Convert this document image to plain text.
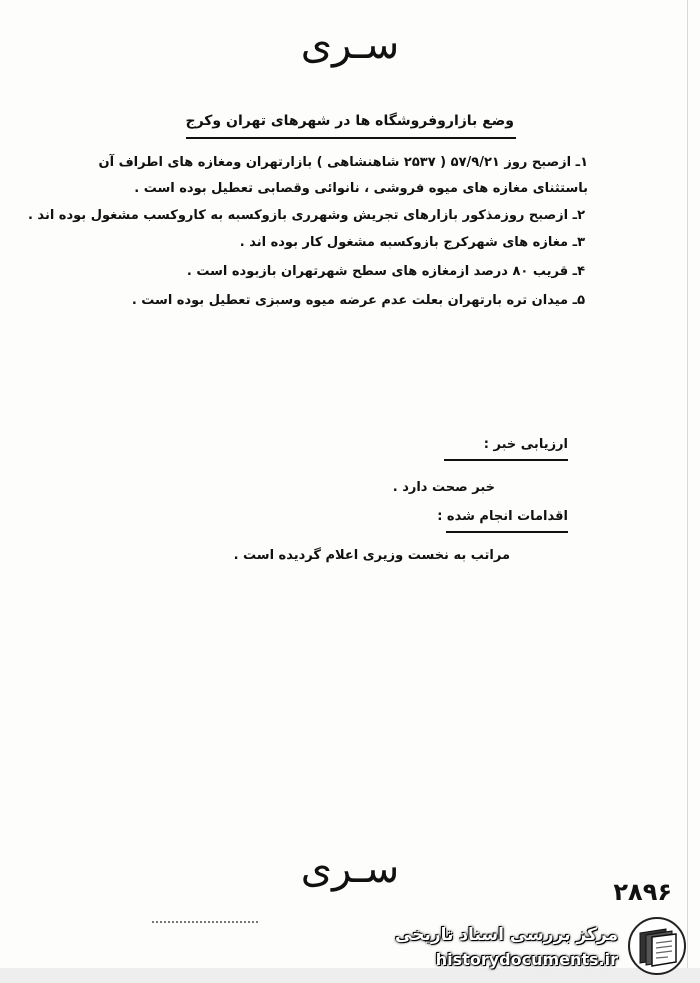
سـرى
وضع بازاروفروشگاه ها در شهرهای تهران وکرج
۱ـ ازصبح روز ۵۷/۹/۲۱ ( ۲۵۳۷ شاهنشاهی ) بازارتهران ومغازه های اطراف آن
باستثنای مغازه های میوه فروشی ، نانوائی وقصابی تعطیل بوده است .
۲ـ ازصبح روزمذکور بازارهای تجریش وشهرری بازوکسبه به کاروکسب مشغول بوده اند .
۳ـ مغازه های شهرکرج بازوکسبه مشغول کار بوده اند .
۴ـ قریب ۸۰ درصد ازمغازه های سطح شهرتهران بازبوده است .
۵ـ میدان تره بارتهران بعلت عدم عرضه میوه وسبزی تعطیل بوده است .
ارزیابی خبر :
خبر صحت دارد .
اقدامات انجام شده :
مراتب به نخست وزیری اعلام گردیده است .
سـرى	۲۸۹۶
مرکز بررسی اسناد تاریخی
historydocuments.ir
